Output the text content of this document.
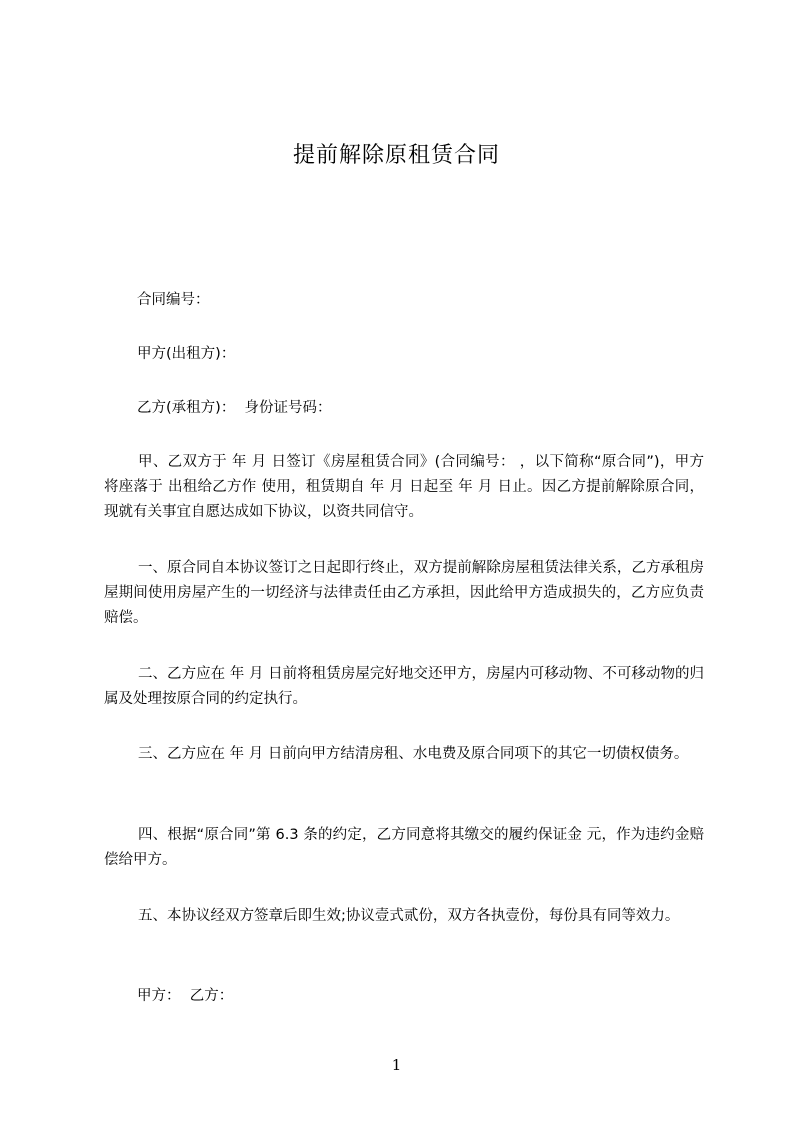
提前解除原租赁合同
合同编号：
甲方(出租方)：
乙方(承租方)：  身份证号码：
甲、乙双方于 年 月 日签订《房屋租赁合同》(合同编号： ，以下简称“原合同”)，甲方将座落于 出租给乙方作 使用，租赁期自 年 月 日起至 年 月 日止。因乙方提前解除原合同，现就有关事宜自愿达成如下协议，以资共同信守。
一、原合同自本协议签订之日起即行终止，双方提前解除房屋租赁法律关系，乙方承租房屋期间使用房屋产生的一切经济与法律责任由乙方承担，因此给甲方造成损失的，乙方应负责赔偿。
二、乙方应在 年 月 日前将租赁房屋完好地交还甲方，房屋内可移动物、不可移动物的归属及处理按原合同的约定执行。
三、乙方应在 年 月 日前向甲方结清房租、水电费及原合同项下的其它一切债权债务。
四、根据“原合同”第 6.3 条的约定，乙方同意将其缴交的履约保证金 元，作为违约金赔偿给甲方。
五、本协议经双方签章后即生效;协议壹式贰份，双方各执壹份，每份具有同等效力。
甲方：  乙方：
1
